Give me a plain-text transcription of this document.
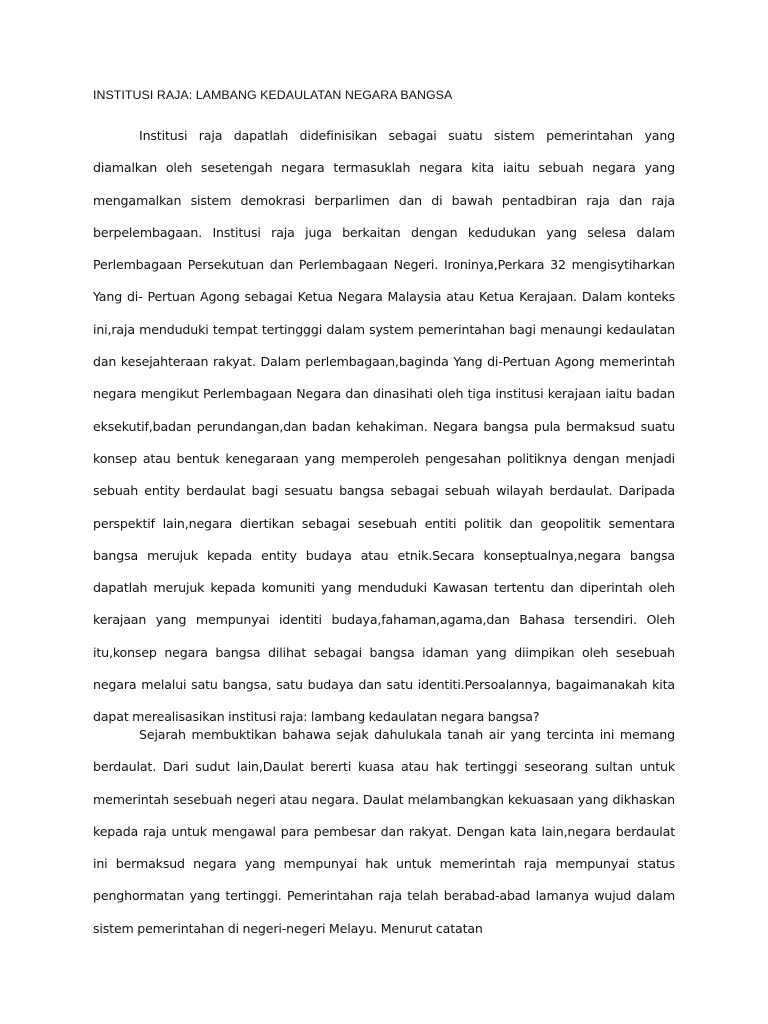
INSTITUSI RAJA: LAMBANG KEDAULATAN NEGARA BANGSA

Institusi raja dapatlah didefinisikan sebagai suatu sistem pemerintahan yang diamalkan oleh sesetengah negara termasuklah negara kita iaitu sebuah negara yang mengamalkan sistem demokrasi berparlimen dan di bawah pentadbiran raja dan raja berpelembagaan. Institusi raja juga berkaitan dengan kedudukan yang selesa dalam Perlembagaan Persekutuan dan Perlembagaan Negeri. Ironinya,Perkara 32 mengisytiharkan Yang di- Pertuan Agong sebagai Ketua Negara Malaysia atau Ketua Kerajaan. Dalam konteks ini,raja menduduki tempat tertingggi dalam system pemerintahan bagi menaungi kedaulatan dan kesejahteraan rakyat. Dalam perlembagaan,baginda Yang di-Pertuan Agong memerintah negara mengikut Perlembagaan Negara dan dinasihati oleh tiga institusi kerajaan iaitu badan eksekutif,badan perundangan,dan badan kehakiman. Negara bangsa pula bermaksud suatu konsep atau bentuk kenegaraan yang memperoleh pengesahan politiknya dengan menjadi sebuah entity berdaulat bagi sesuatu bangsa sebagai sebuah wilayah berdaulat. Daripada perspektif lain,negara diertikan sebagai sesebuah entiti politik dan geopolitik sementara bangsa merujuk kepada entity budaya atau etnik.Secara konseptualnya,negara bangsa dapatlah merujuk kepada komuniti yang menduduki Kawasan tertentu dan diperintah oleh kerajaan yang mempunyai identiti budaya,fahaman,agama,dan Bahasa tersendiri. Oleh itu,konsep negara bangsa dilihat sebagai bangsa idaman yang diimpikan oleh sesebuah negara melalui satu bangsa, satu budaya dan satu identiti.Persoalannya, bagaimanakah kita dapat merealisasikan institusi raja: lambang kedaulatan negara bangsa?

Sejarah membuktikan bahawa sejak dahulukala tanah air yang tercinta ini memang berdaulat. Dari sudut lain,Daulat bererti kuasa atau hak tertinggi seseorang sultan untuk memerintah sesebuah negeri atau negara. Daulat melambangkan kekuasaan yang dikhaskan kepada raja untuk mengawal para pembesar dan rakyat. Dengan kata lain,negara berdaulat ini bermaksud negara yang mempunyai hak untuk memerintah raja mempunyai status penghormatan yang tertinggi. Pemerintahan raja telah berabad-abad lamanya wujud dalam sistem pemerintahan di negeri-negeri Melayu. Menurut catatan
